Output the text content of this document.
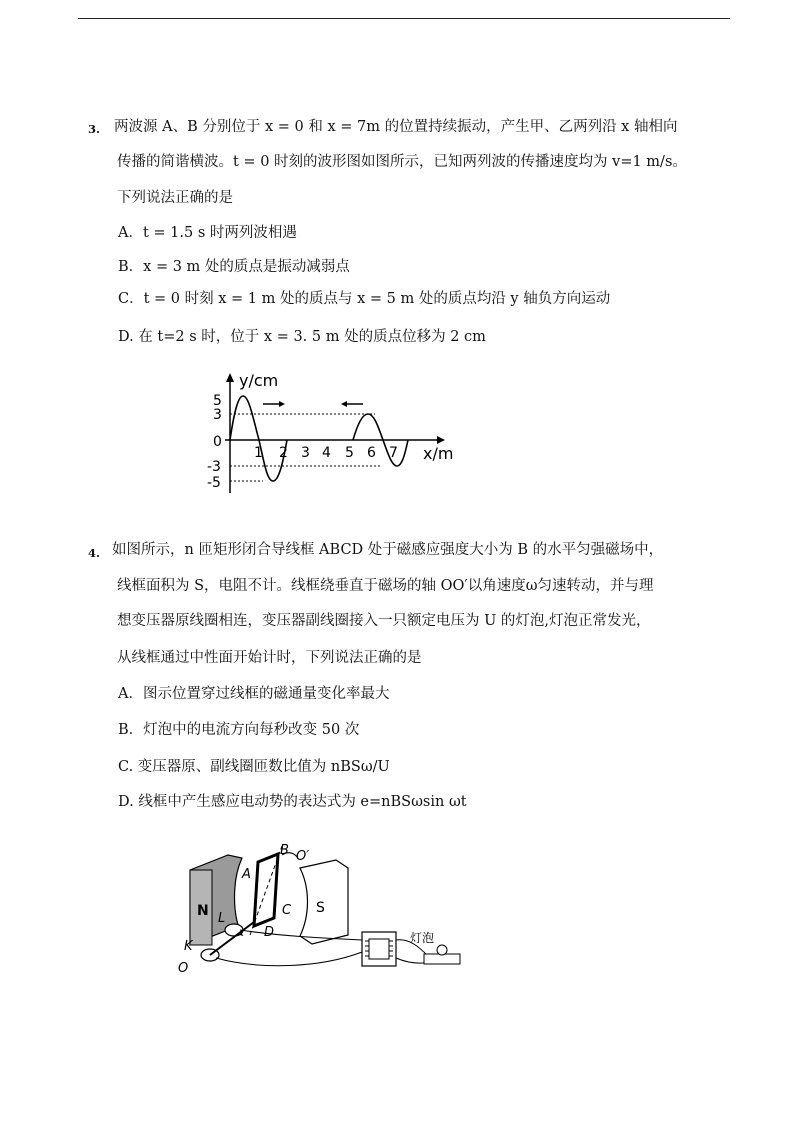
3. 两波源 A、B 分别位于 x = 0 和 x = 7m 的位置持续振动，产生甲、乙两列沿 x 轴相向
传播的简谐横波。t = 0 时刻的波形图如图所示，已知两列波的传播速度均为 v=1 m/s。
下列说法正确的是
A．t = 1.5 s 时两列波相遇
B．x = 3 m 处的质点是振动减弱点
C．t = 0 时刻 x = 1 m 处的质点与 x = 5 m 处的质点均沿 y 轴负方向运动
D. 在 t=2 s 时，位于 x = 3. 5 m 处的质点位移为 2 cm
5
3
0
-3
-5
1 2 3 4 5 6 7
y/cm
x/m
4. 如图所示，n 匝矩形闭合导线框 ABCD 处于磁感应强度大小为 B 的水平匀强磁场中，
线框面积为 S，电阻不计。线框绕垂直于磁场的轴 OO′以角速度ω匀速转动，并与理
想变压器原线圈相连，变压器副线圈接入一只额定电压为 U 的灯泡,灯泡正常发光，
从线框通过中性面开始计时，下列说法正确的是
A．图示位置穿过线框的磁通量变化率最大
B．灯泡中的电流方向每秒改变 50 次
C. 变压器原、副线圈匝数比值为 nBSω/U
D. 线框中产生感应电动势的表达式为 e=nBSωsin ωt
N	S
灯泡
A
B
C
D
L
K
O
O′
